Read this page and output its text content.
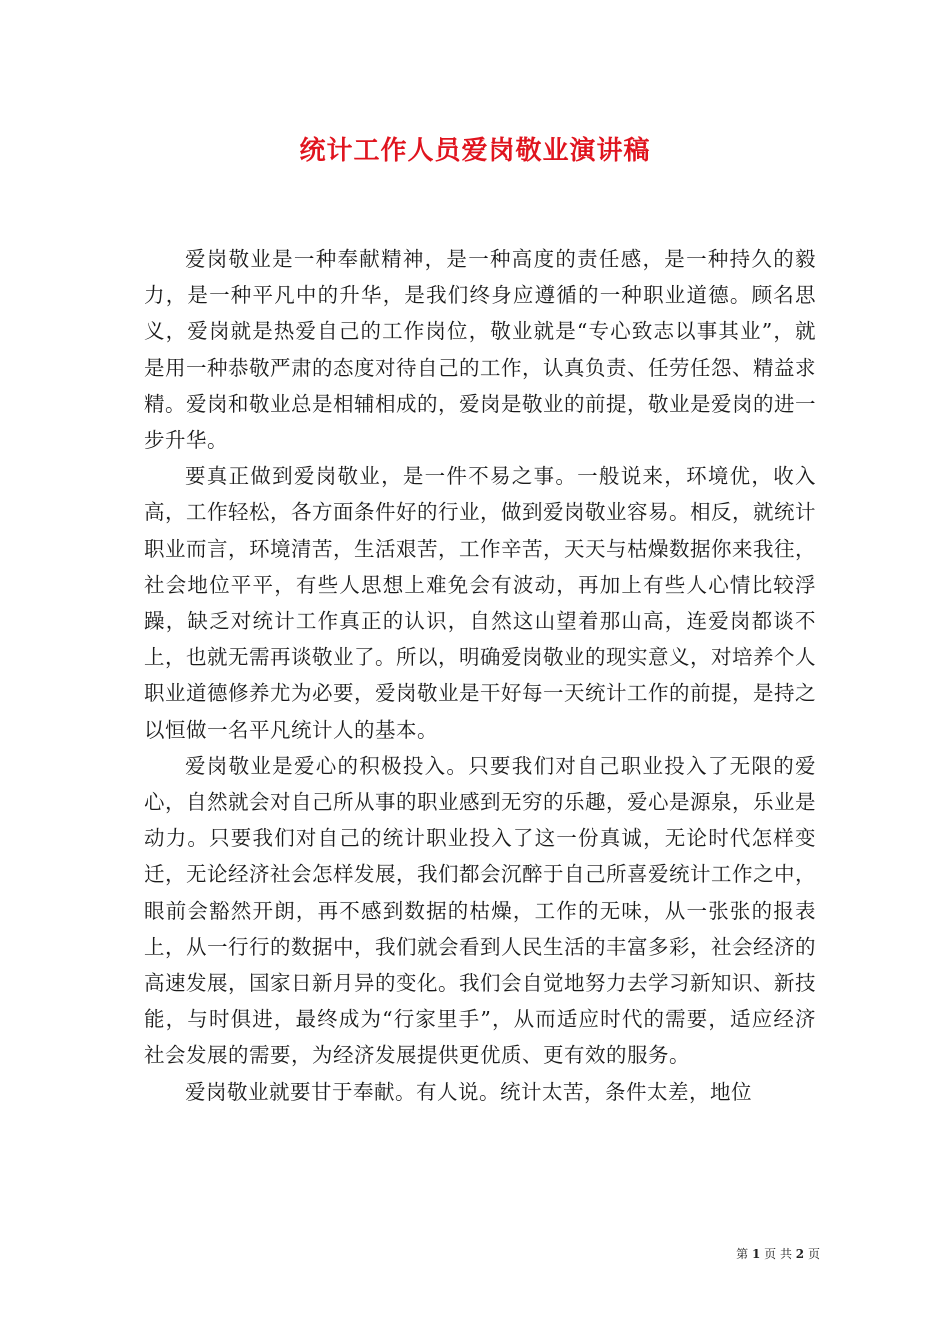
统计工作人员爱岗敬业演讲稿

爱岗敬业是一种奉献精神，是一种高度的责任感，是一种持久的毅力，是一种平凡中的升华，是我们终身应遵循的一种职业道德。顾名思义，爱岗就是热爱自己的工作岗位，敬业就是“专心致志以事其业”，就是用一种恭敬严肃的态度对待自己的工作，认真负责、任劳任怨、精益求精。爱岗和敬业总是相辅相成的，爱岗是敬业的前提，敬业是爱岗的进一步升华。

要真正做到爱岗敬业，是一件不易之事。一般说来，环境优，收入高，工作轻松，各方面条件好的行业，做到爱岗敬业容易。相反，就统计职业而言，环境清苦，生活艰苦，工作辛苦，天天与枯燥数据你来我往，社会地位平平，有些人思想上难免会有波动，再加上有些人心情比较浮躁，缺乏对统计工作真正的认识，自然这山望着那山高，连爱岗都谈不上，也就无需再谈敬业了。所以，明确爱岗敬业的现实意义，对培养个人职业道德修养尤为必要，爱岗敬业是干好每一天统计工作的前提，是持之以恒做一名平凡统计人的基本。

爱岗敬业是爱心的积极投入。只要我们对自己职业投入了无限的爱心，自然就会对自己所从事的职业感到无穷的乐趣，爱心是源泉，乐业是动力。只要我们对自己的统计职业投入了这一份真诚，无论时代怎样变迁，无论经济社会怎样发展，我们都会沉醉于自己所喜爱统计工作之中，眼前会豁然开朗，再不感到数据的枯燥，工作的无味，从一张张的报表上，从一行行的数据中，我们就会看到人民生活的丰富多彩，社会经济的高速发展，国家日新月异的变化。我们会自觉地努力去学习新知识、新技能，与时俱进，最终成为“行家里手”，从而适应时代的需要，适应经济社会发展的需要，为经济发展提供更优质、更有效的服务。

爱岗敬业就要甘于奉献。有人说。统计太苦，条件太差，地位

第 1 页 共 2 页
